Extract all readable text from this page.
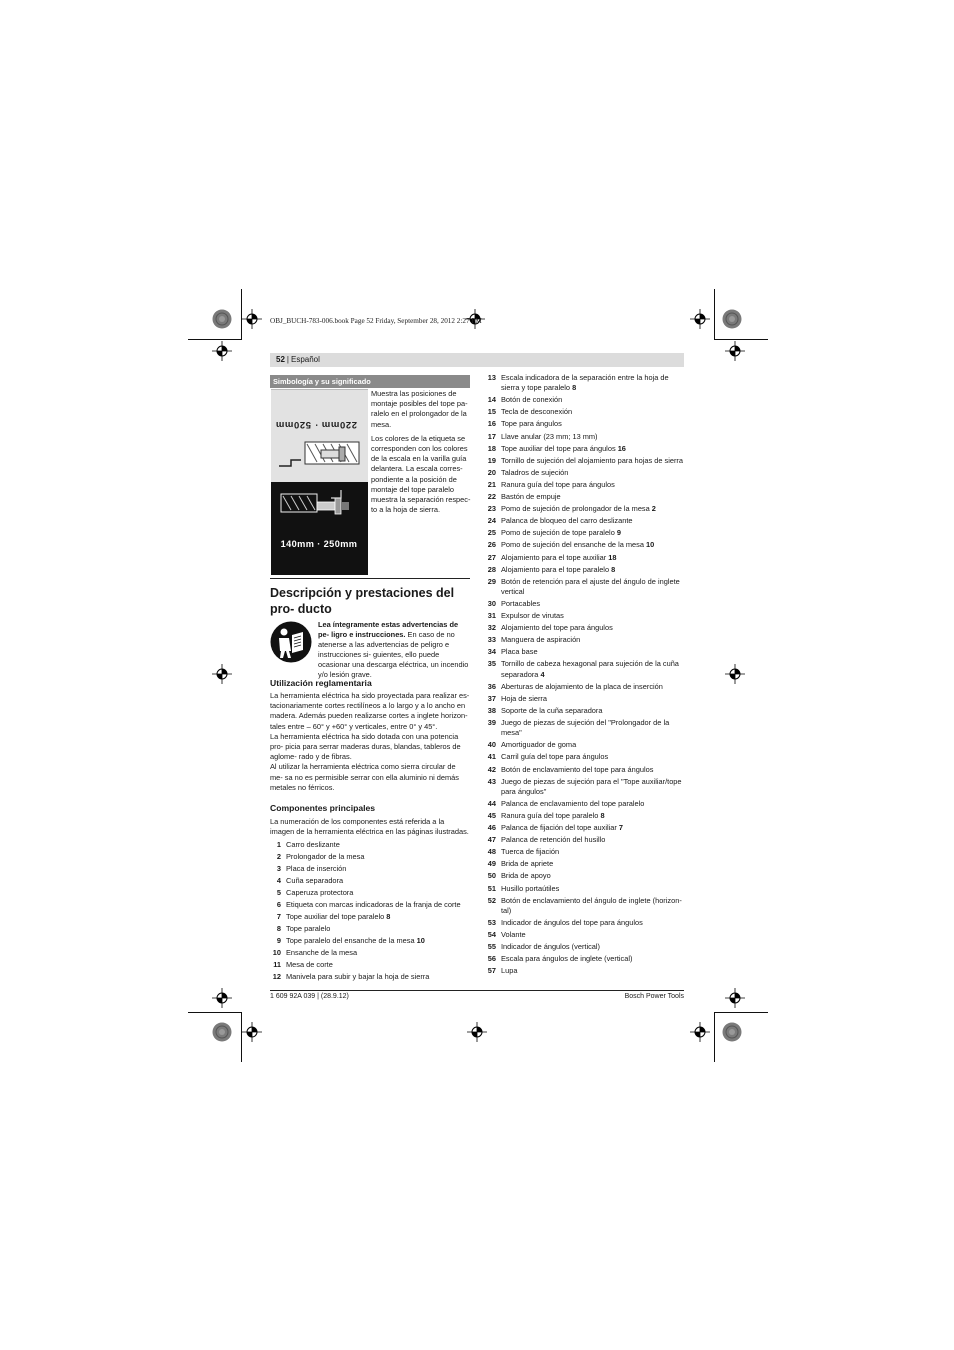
OBJ_BUCH-783-006.book Page 52 Friday, September 28, 2012 2:27 PM
52 | Español
Simbología y su significado
220mm · 520mm
140mm · 250mm

Muestra las posiciones de montaje posibles del tope pa- ralelo en el prolongador de la mesa.

Los colores de la etiqueta se corresponden con los colores de la escala en la varilla guía delantera. La escala corres- pondiente a la posición de montaje del tope paralelo muestra la separación respec- to a la hoja de sierra.

Descripción y prestaciones del pro- ducto
Lea íntegramente estas advertencias de pe- ligro e instrucciones. En caso de no atenerse a las advertencias de peligro e instrucciones si- guientes, ello puede ocasionar una descarga eléctrica, un incendio y/o lesión grave.
Utilización reglamentaria

La herramienta eléctrica ha sido proyectada para realizar es- tacionariamente cortes rectilíneos a lo largo y a lo ancho en madera. Además pueden realizarse cortes a inglete horizon- tales entre – 60° y +60° y verticales, entre 0° y 45°.

La herramienta eléctrica ha sido dotada con una potencia pro- picia para serrar maderas duras, blandas, tableros de aglome- rado y de fibras.

Al utilizar la herramienta eléctrica como sierra circular de me- sa no es permisible serrar con ella aluminio ni demás metales no férricos.

Componentes principales
La numeración de los componentes está referida a la imagen de la herramienta eléctrica en las páginas ilustradas.
1 Carro deslizante
2 Prolongador de la mesa
3 Placa de inserción
4 Cuña separadora
5 Caperuza protectora
6 Etiqueta con marcas indicadoras de la franja de corte
7 Tope auxiliar del tope paralelo 8
8 Tope paralelo
9 Tope paralelo del ensanche de la mesa 10
10 Ensanche de la mesa
11 Mesa de corte
12 Manivela para subir y bajar la hoja de sierra
13 Escala indicadora de la separación entre la hoja de sierra y tope paralelo 8
14 Botón de conexión
15 Tecla de desconexión
16 Tope para ángulos
17 Llave anular (23 mm; 13 mm)
18 Tope auxiliar del tope para ángulos 16
19 Tornillo de sujeción del alojamiento para hojas de sierra
20 Taladros de sujeción
21 Ranura guía del tope para ángulos
22 Bastón de empuje
23 Pomo de sujeción de prolongador de la mesa 2
24 Palanca de bloqueo del carro deslizante
25 Pomo de sujeción de tope paralelo 9
26 Pomo de sujeción del ensanche de la mesa 10
27 Alojamiento para el tope auxiliar 18
28 Alojamiento para el tope paralelo 8
29 Botón de retención para el ajuste del ángulo de inglete vertical
30 Portacables
31 Expulsor de virutas
32 Alojamiento del tope para ángulos
33 Manguera de aspiración
34 Placa base
35 Tornillo de cabeza hexagonal para sujeción de la cuña separadora 4
36 Aberturas de alojamiento de la placa de inserción
37 Hoja de sierra
38 Soporte de la cuña separadora
39 Juego de piezas de sujeción del "Prolongador de la mesa"
40 Amortiguador de goma
41 Carril guía del tope para ángulos
42 Botón de enclavamiento del tope para ángulos
43 Juego de piezas de sujeción para el "Tope auxiliar/tope para ángulos"
44 Palanca de enclavamiento del tope paralelo
45 Ranura guía del tope paralelo 8
46 Palanca de fijación del tope auxiliar 7
47 Palanca de retención del husillo
48 Tuerca de fijación
49 Brida de apriete
50 Brida de apoyo
51 Husillo portaútiles
52 Botón de enclavamiento del ángulo de inglete (horizon- tal)
53 Indicador de ángulos del tope para ángulos
54 Volante
55 Indicador de ángulos (vertical)
56 Escala para ángulos de inglete (vertical)
57 Lupa
1 609 92A 039 | (28.9.12)	Bosch Power Tools
